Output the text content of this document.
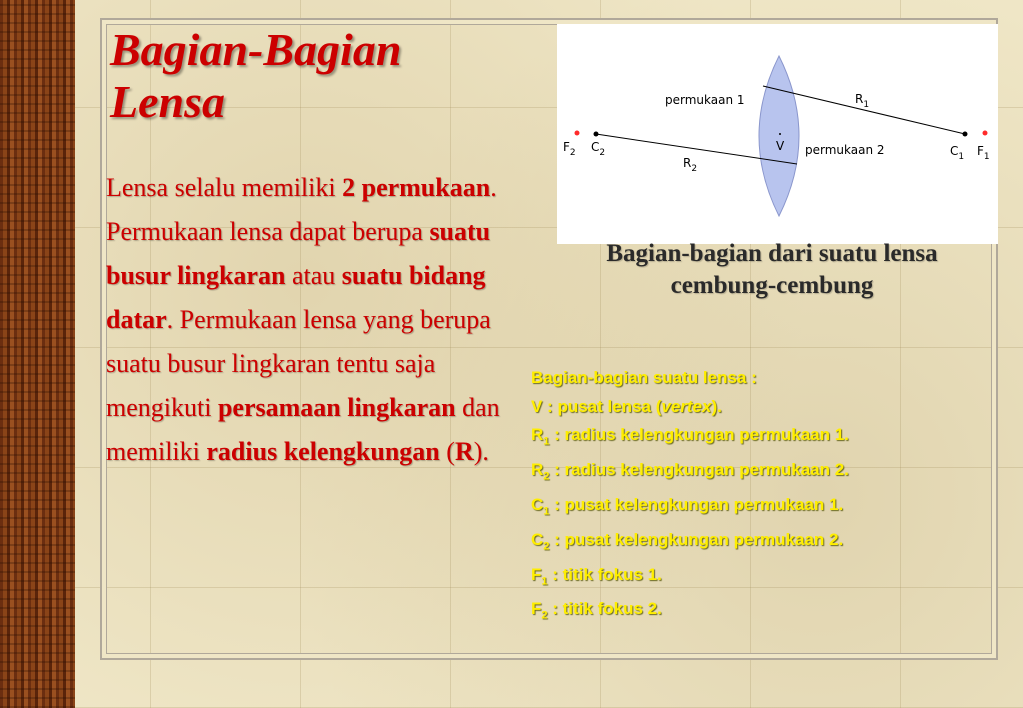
Bagian-Bagian Lensa
Lensa selalu memiliki 2 permukaan. Permukaan lensa dapat berupa suatu busur lingkaran atau suatu bidang datar. Permukaan lensa yang berupa suatu busur lingkaran tentu saja mengikuti persamaan lingkaran dan memiliki radius kelengkungan (R).
permukaan 1
permukaan 2
$R_1$
$R_2$
V
$F_2$ $C_2$	$C_1$ $F_1$
Bagian-bagian dari suatu lensa
cembung-cembung
Bagian-bagian suatu lensa :
V : pusat lensa (vertex).
$R_1$ : radius kelengkungan permukaan 1.
$R_2$ : radius kelengkungan permukaan 2.
$C_1$ : pusat kelengkungan permukaan 1.
$C_2$ : pusat kelengkungan permukaan 2.
$F_1$ : titik fokus 1.
$F_2$ : titik fokus 2.
